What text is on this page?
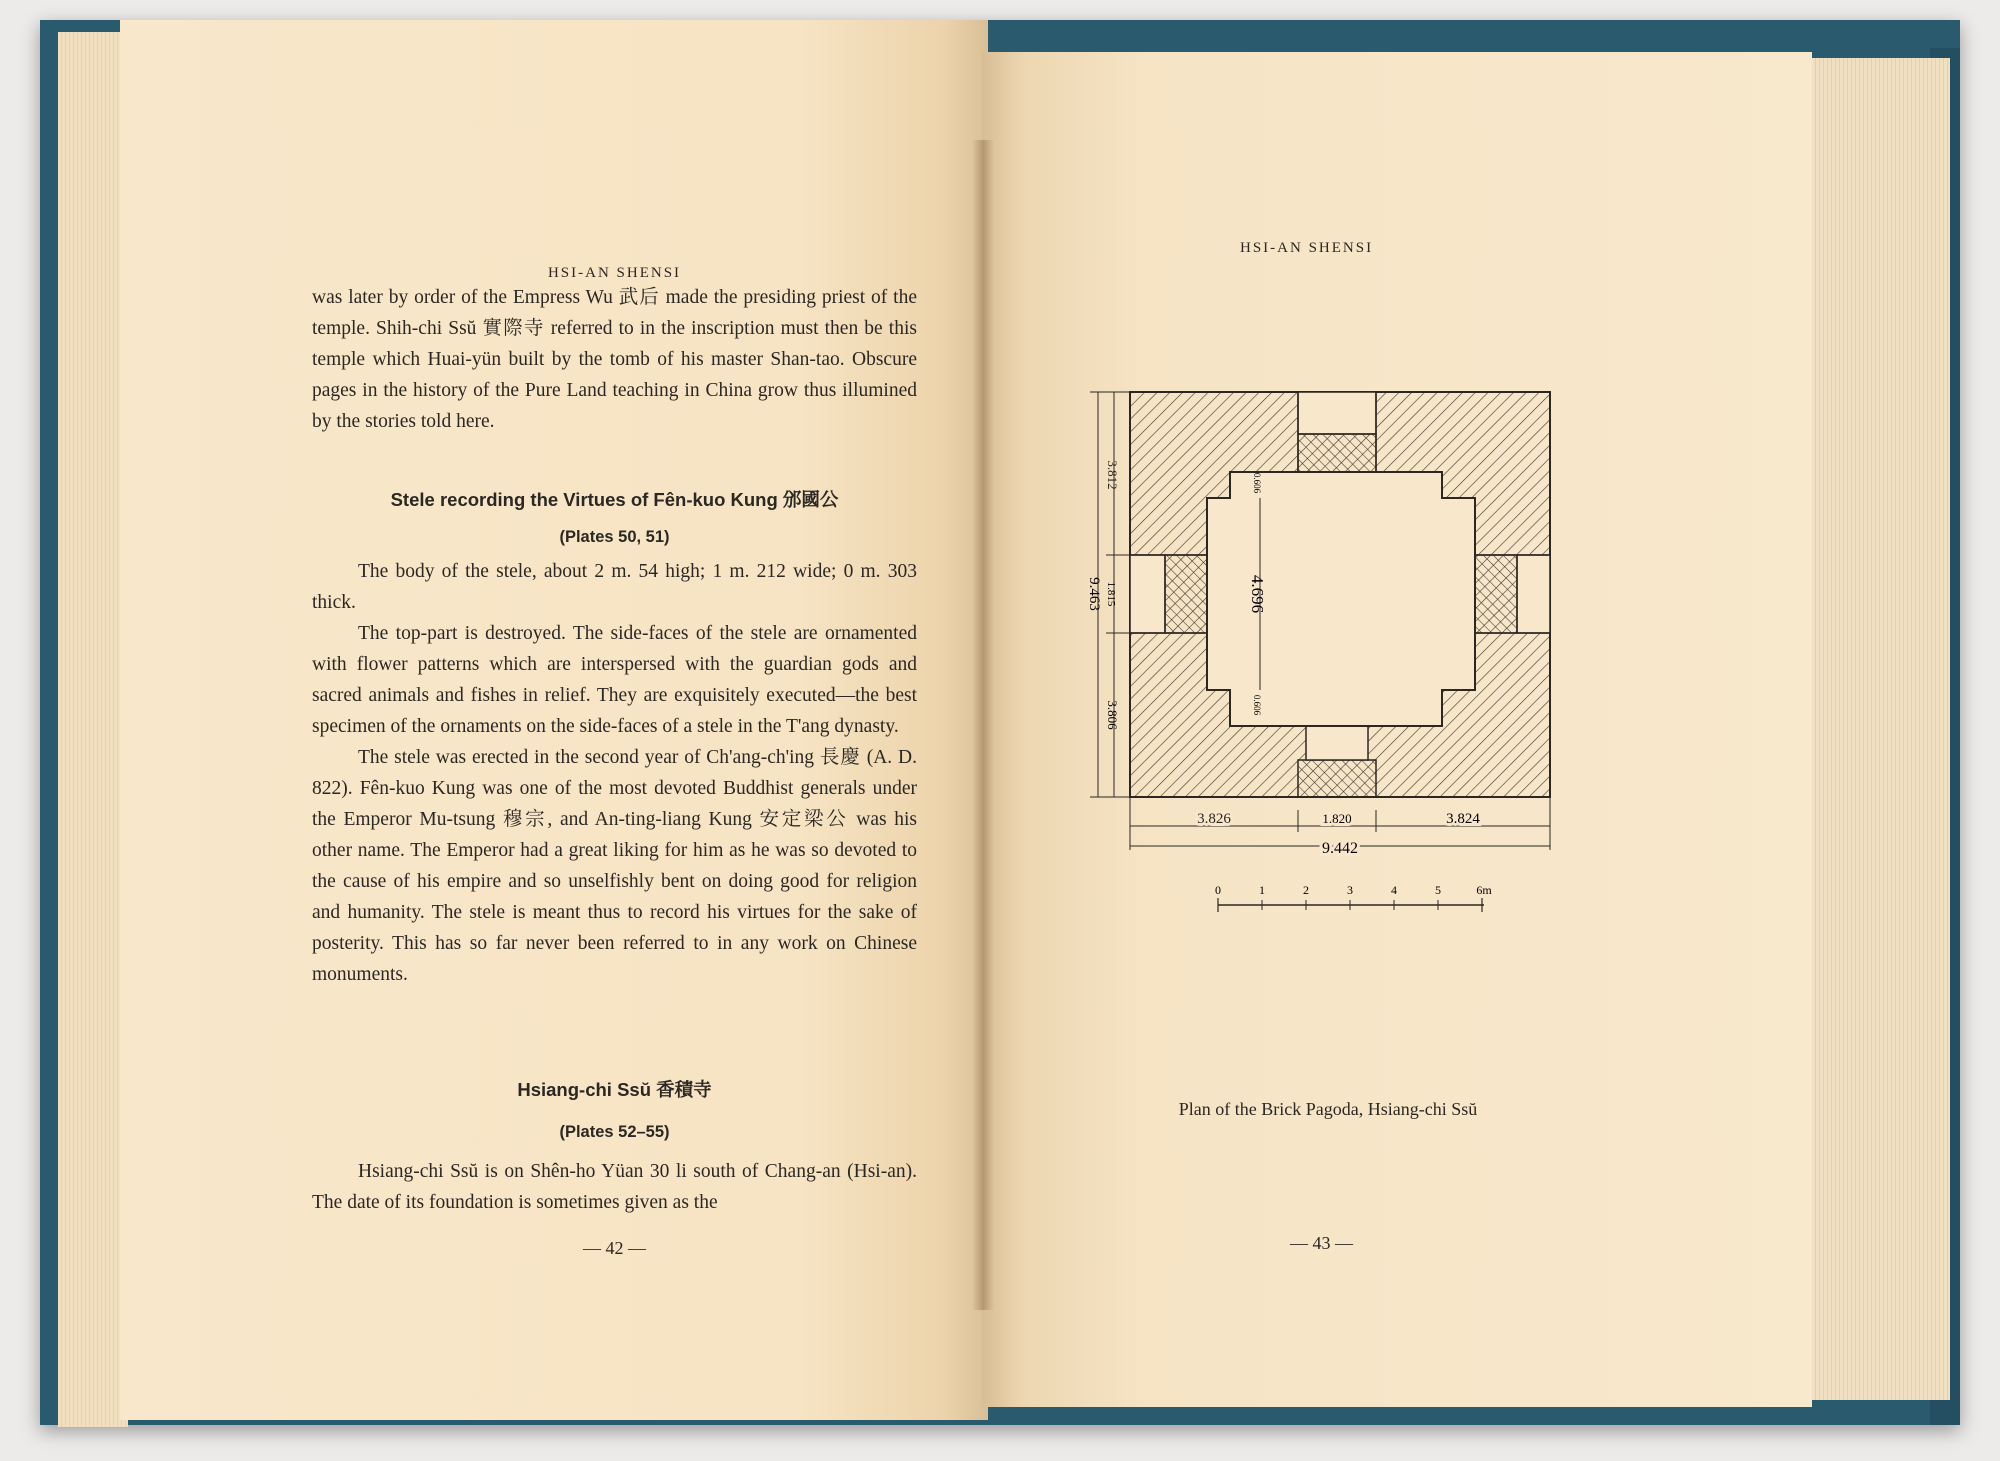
HSI-AN SHENSI

was later by order of the Empress Wu 武后 made the presiding priest of the temple. Shih-chi Ssŭ 實際寺 referred to in the inscription must then be this temple which Huai-yün built by the tomb of his master Shan-tao. Obscure pages in the history of the Pure Land teaching in China grow thus illumined by the stories told here.

Stele recording the Virtues of Fên-kuo Kung 邠國公
(Plates 50, 51)

The body of the stele, about 2 m. 54 high; 1 m. 212 wide; 0 m. 303 thick.

The top-part is destroyed. The side-faces of the stele are ornamented with flower patterns which are interspersed with the guardian gods and sacred animals and fishes in relief. They are exquisitely executed—the best specimen of the ornaments on the side-faces of a stele in the T'ang dynasty.

The stele was erected in the second year of Ch'ang-ch'ing 長慶 (A. D. 822). Fên-kuo Kung was one of the most devoted Buddhist generals under the Emperor Mu-tsung 穆宗, and An-ting-liang Kung 安定梁公 was his other name. The Emperor had a great liking for him as he was so devoted to the cause of his empire and so unselfishly bent on doing good for religion and humanity. The stele is meant thus to record his virtues for the sake of posterity. This has so far never been referred to in any work on Chinese monuments.

Hsiang-chi Ssŭ 香積寺
(Plates 52–55)

Hsiang-chi Ssŭ is on Shên-ho Yüan 30 li south of Chang-an (Hsi-an). The date of its foundation is sometimes given as the

— 42 —
HSI-AN SHENSI
4.696
0.606
0.606
3.812
1.815
3.806
9.463
3.826	1.820	3.824
9.442
0	1	2	3	4	5	6m
Plan of the Brick Pagoda, Hsiang-chi Ssŭ
— 43 —
